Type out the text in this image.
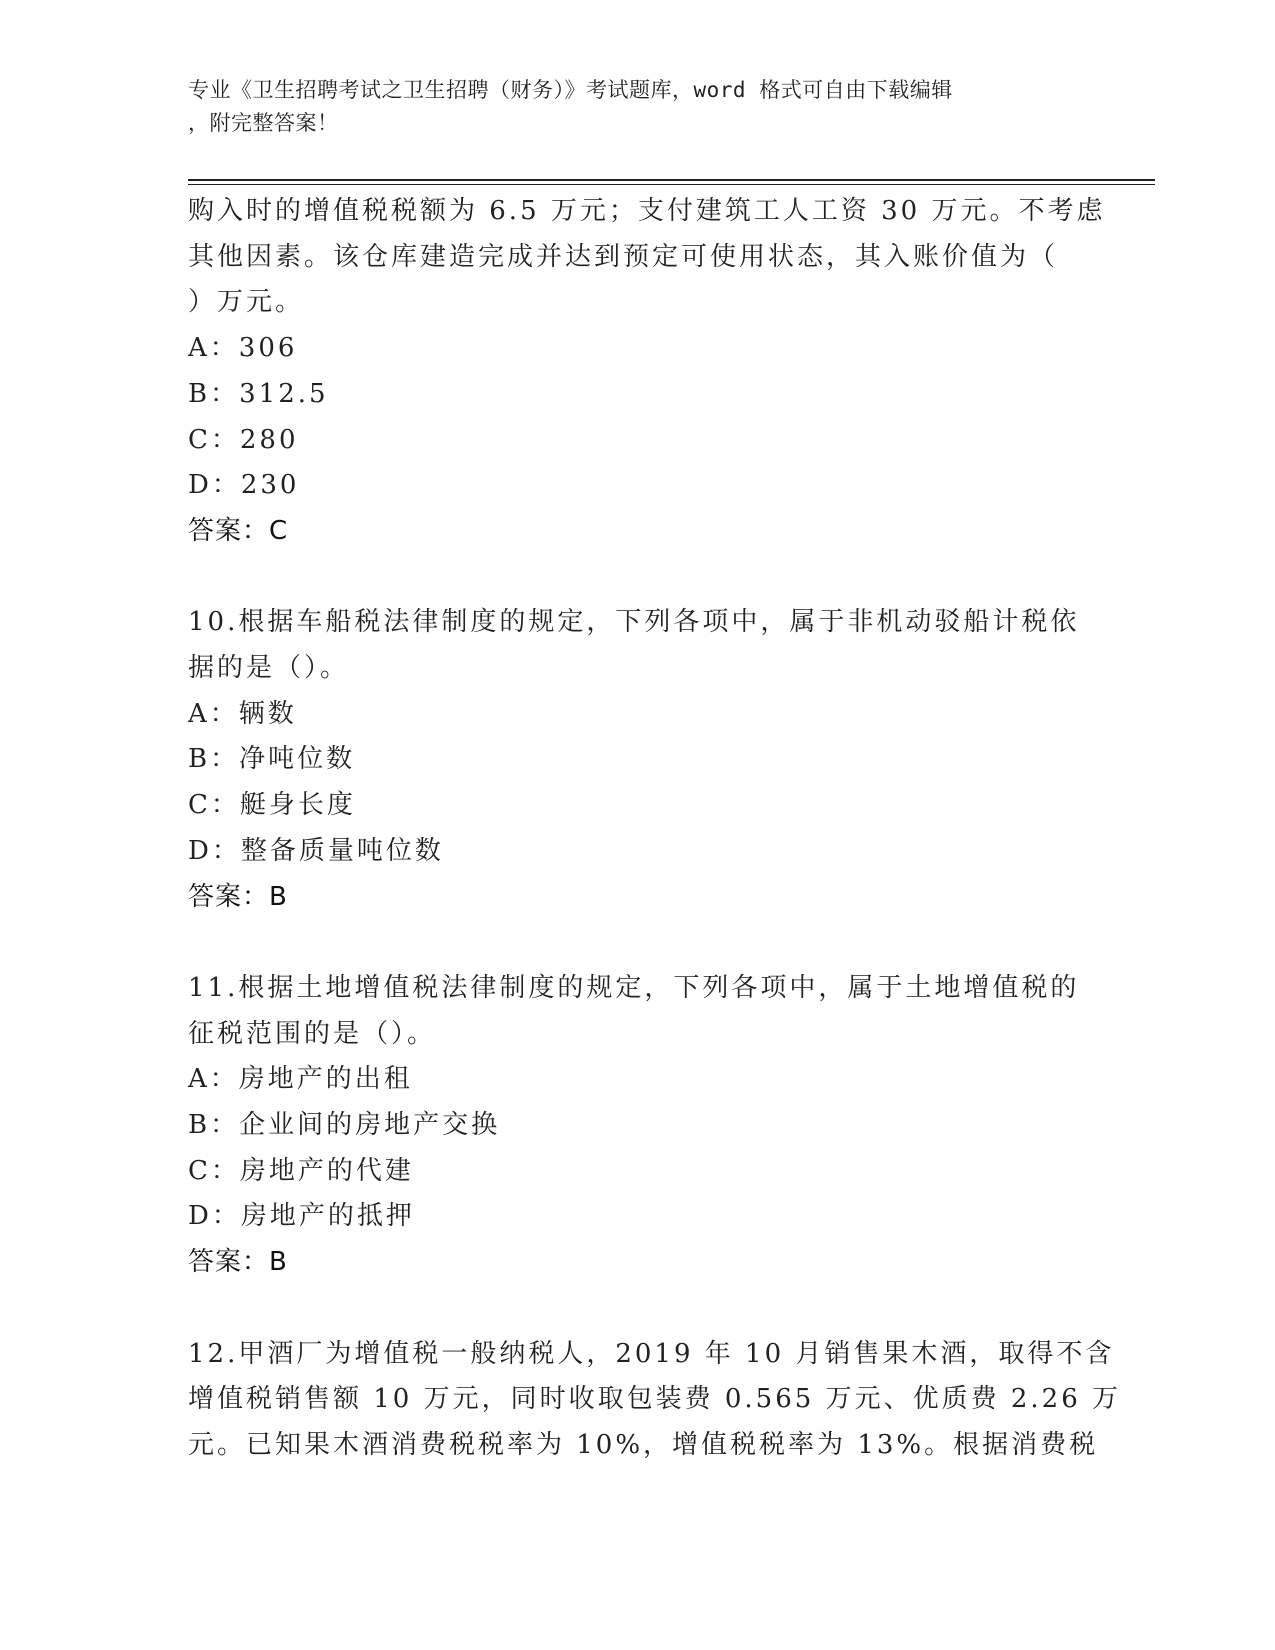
专业《卫生招聘考试之卫生招聘（财务）》考试题库，word 格式可自由下载编辑
，附完整答案！
购入时的增值税税额为 6.5 万元；支付建筑工人工资 30 万元。不考虑
其他因素。该仓库建造完成并达到预定可使用状态，其入账价值为（
）万元。
A：306
B：312.5
C：280
D：230
答案：C
10.根据车船税法律制度的规定，下列各项中，属于非机动驳船计税依
据的是（）。
A：辆数
B：净吨位数
C：艇身长度
D：整备质量吨位数
答案：B
11.根据土地增值税法律制度的规定，下列各项中，属于土地增值税的
征税范围的是（）。
A：房地产的出租
B：企业间的房地产交换
C：房地产的代建
D：房地产的抵押
答案：B
12.甲酒厂为增值税一般纳税人，2019 年 10 月销售果木酒，取得不含
增值税销售额 10 万元，同时收取包装费 0.565 万元、优质费 2.26 万
元。已知果木酒消费税税率为 10%，增值税税率为 13%。根据消费税
